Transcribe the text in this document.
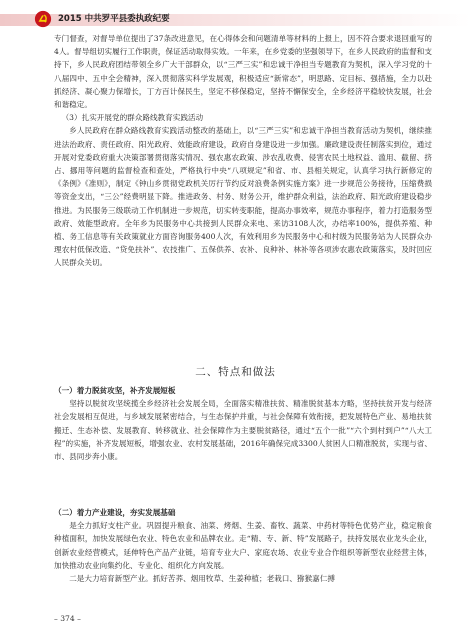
2015 中共罗平县委执政纪要

专门督查，对督导单位提出了37条改进意见，在心得体会和问题清单等材料的上报上，因不符合要求退回重写的4人。督导组切实履行工作职责，保证活动取得实效。一年来，在乡党委的坚强领导下，在乡人民政府的监督和支持下，乡人民政府团结带领全乡广大干部群众，以“三严三实”和忠诚干净担当专题教育为契机，深入学习党的十八届四中、五中全会精神，深入贯彻落实科学发展观，积极适应“新常态”，明思路、定目标、强措施，全力以赴抓经济、凝心聚力保增长，丁方百计保民生，坚定不移保稳定，坚持不懈保安全，全乡经济平稳较快发展，社会和谐稳定。

（3）扎实开展党的群众路线教育实践活动

乡人民政府在群众路线教育实践活动整改的基础上，以“三严三实”和忠诚干净担当教育活动为契机，继续推进法治政府、责任政府、阳光政府、效能政府建设，政府自身建设进一步加强。廉政建设责任制落实到位，通过开展对党委政府重大决策部署贯彻落实情况、强农惠农政策、涉农乱收费、侵害农民土地权益、滥用、截留、挤占、挪用等问题的监督检查和查处，严格执行中央“八项规定”和省、市、县相关规定，认真学习执行新修定的《条例》《准则》，制定《钟山乡贯彻党政机关厉行节约反对浪费条例实施方案》进一步规范公务接待，压缩费损等资金支出，“三公”经费明显下降。推进政务、村务、财务公开，维护群众利益，法治政府、阳光政府建设稳步推进。为民服务三级联动工作机制进一步规范，切实转变职能，提高办事效率，规范办事程序，着力打造服务型政府、效能型政府。全年乡为民服务中心共接到人民群众来电、来访3108人次，办结率100%，提供养殖、种植、务工信息等有关政策就业方面咨询服务400人次，有效利用乡为民服务中心和村级为民服务站为人民群众办理农村低保改造、“贷免扶补”、农技推广、五保供养、农补、良种补、林补等各项涉农惠农政策落实，及时回应人民群众关切。

二、特点和做法

（一）着力脱贫攻坚，补齐发展短板

坚持以脱贫攻坚统揽全乡经济社会发展全局，全面落实精准扶贫、精准脱贫基本方略，坚持扶贫开发与经济社会发展相互促进，与乡域发展紧密结合，与生态保护并重，与社会保障有效衔接，把发展特色产业、易地扶贫搬迁、生态补偿、发展教育、转移就业、社会保障作为主要脱贫路径，通过“五个一批”“六个到村到户”“八大工程”的实施，补齐发展短板，增强农业、农村发展基础，2016年确保完成3300人贫困人口精准脱贫，实现与省、市、县同步奔小康。

（二）着力产业建设，夯实发展基础

是全力抓好支柱产业。巩固提升粮食、油菜、烤烟、生姜、畜牧、蔬菜、中药材等特色优势产业，稳定粮食种植面积，加快发展绿色农业、特色农业和品牌农业。走“精、专、新、特”发展路子，扶持发展农业龙头企业，创新农业经营模式，延伸特色产品产业链，培育专业大户、家庭农场、农业专业合作组织等新型农业经营主体，加快推动农业向集约化、专业化、组织化方向发展。

二是大力培育新型产业。抓好苦荞、烟用牧草、生姜种植；老栽口、猕猴嘉仁搏

– 374 –
